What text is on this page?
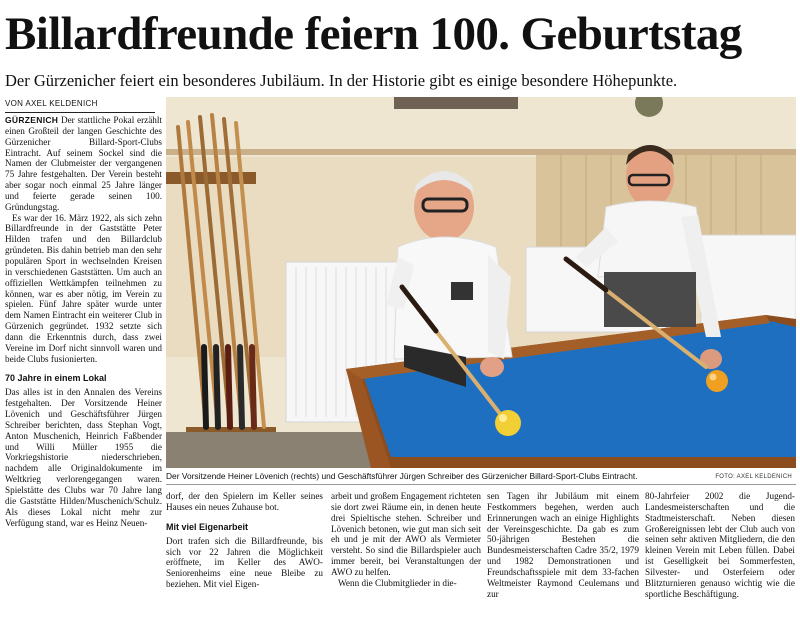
Billardfreunde feiern 100. Geburtstag
Der Gürzenicher feiert ein besonderes Jubiläum. In der Historie gibt es einige besondere Höhepunkte.
VON AXEL KELDENICH

GÜRZENICH Der stattliche Pokal erzählt einen Großteil der langen Geschichte des Gürzenicher Billard-Sport-Clubs Eintracht. Auf seinem Sockel sind die Namen der Clubmeister der vergangenen 75 Jahre festgehalten. Der Verein besteht aber sogar noch einmal 25 Jahre länger und feierte gerade seinen 100. Gründungstag.

Es war der 16. März 1922, als sich zehn Billardfreunde in der Gaststätte Peter Hilden trafen und den Billardclub gründeten. Bis dahin betrieb man den sehr populären Sport in wechselnden Kreisen in verschiedenen Gaststätten. Um auch an offiziellen Wettkämpfen teilnehmen zu können, war es aber nötig, im Verein zu spielen. Fünf Jahre später wurde unter dem Namen Eintracht ein weiterer Club in Gürzenich gegründet. 1932 setzte sich dann die Erkenntnis durch, dass zwei Vereine im Dorf nicht sinnvoll waren und beide Clubs fusionierten.

70 Jahre in einem Lokal

Das alles ist in den Annalen des Vereins festgehalten. Der Vorsitzende Heiner Lövenich und Geschäftsführer Jürgen Schreiber berichten, dass Stephan Vogt, Anton Muschenich, Heinrich Faßbender und Willi Müller 1955 die Vorkriegshistorie niederschrieben, nachdem alle Originaldokumente im Weltkrieg verlorengegangen waren. Spielstätte des Clubs war 70 Jahre lang die Gaststätte Hilden/Muschenich/Schulz. Als dieses Lokal nicht mehr zur Verfügung stand, war es Heinz Neuen-

Der Vorsitzende Heiner Lövenich (rechts) und Geschäftsführer Jürgen Schreiber des Gürzenicher Billard-Sport-Clubs Eintracht.	FOTO: AXEL KELDENICH

dorf, der den Spielern im Keller seines Hauses ein neues Zuhause bot.

Mit viel Eigenarbeit

Dort trafen sich die Billardfreunde, bis sich vor 22 Jahren die Möglichkeit eröffnete, im Keller des AWO-Seniorenheims eine neue Bleibe zu beziehen. Mit viel Eigen-

arbeit und großem Engagement richteten sie dort zwei Räume ein, in denen heute drei Spieltische stehen. Schreiber und Lövenich betonen, wie gut man sich seit eh und je mit der AWO als Vermieter versteht. So sind die Billardspieler auch immer bereit, bei Veranstaltungen der AWO zu helfen.

Wenn die Clubmitglieder in die-

sen Tagen ihr Jubiläum mit einem Festkommers begehen, werden auch Erinnerungen wach an einige Highlights der Vereinsgeschichte. Da gab es zum 50-jährigen Bestehen die Bundesmeisterschaften Cadre 35/2, 1979 und 1982 Demonstrationen und Freundschaftsspiele mit dem 33-fachen Weltmeister Raymond Ceulemans und zur

80-Jahrfeier 2002 die Jugend-Landesmeisterschaften und die Stadtmeisterschaft. Neben diesen Großereignissen lebt der Club auch von seinen sehr aktiven Mitgliedern, die den kleinen Verein mit Leben füllen. Dabei ist Geselligkeit bei Sommerfesten, Silvester- und Osterfeiern oder Blitzturnieren genauso wichtig wie die sportliche Beschäftigung.
